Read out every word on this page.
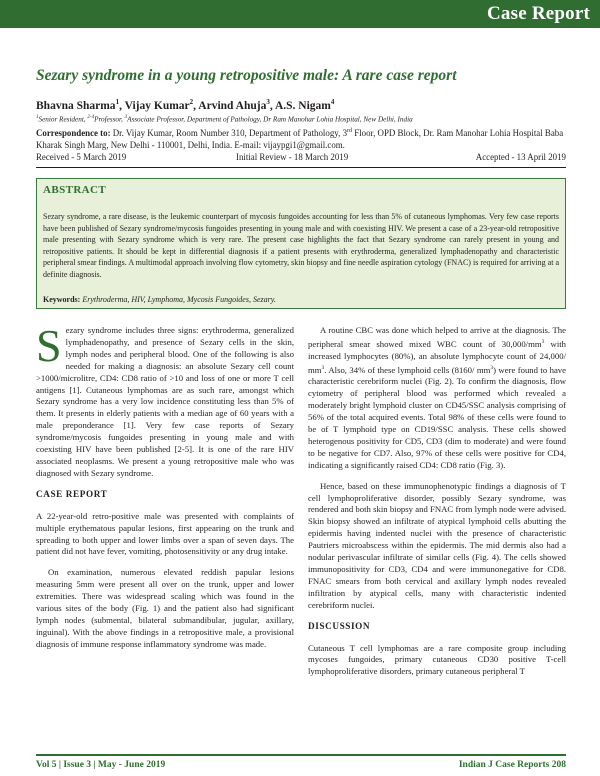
Case Report
Sezary syndrome in a young retropositive male: A rare case report
Bhavna Sharma$^1$, Vijay Kumar$^2$, Arvind Ahuja$^3$, A.S. Nigam$^4$
$^1$Senior Resident, $^{2-4}$Professor, $^3$Associate Professor, Department of Pathology, Dr Ram Manohar Lohia Hospital, New Delhi, India
Correspondence to: Dr. Vijay Kumar, Room Number 310, Department of Pathology, 3rd Floor, OPD Block, Dr. Ram Manohar Lohia Hospital Baba Kharak Singh Marg, New Delhi - 110001, Delhi, India. E-mail: vijaypgi1@gmail.com.
Received - 5 March 2019	Initial Review - 18 March 2019	Accepted - 13 April 2019
ABSTRACT
Sezary syndrome, a rare disease, is the leukemic counterpart of mycosis fungoides accounting for less than 5% of cutaneous lymphomas. Very few case reports have been published of Sezary syndrome/mycosis fungoides presenting in young male and with coexisting HIV. We present a case of a 23-year-old retropositive male presenting with Sezary syndrome which is very rare. The present case highlights the fact that Sezary syndrome can rarely present in young and retropositive patients. It should be kept in differential diagnosis if a patient presents with erythroderma, generalized lymphadenopathy and characteristic peripheral smear findings. A multimodal approach involving flow cytometry, skin biopsy and fine needle aspiration cytology (FNAC) is required for arriving at a definite diagnosis.
Keywords: Erythroderma, HIV, Lymphoma, Mycosis Fungoides, Sezary.

Sezary syndrome includes three signs: erythroderma, generalized lymphadenopathy, and presence of Sezary cells in the skin, lymph nodes and peripheral blood. One of the following is also needed for making a diagnosis: an absolute Sezary cell count >1000/microlitre, CD4: CD8 ratio of >10 and loss of one or more T cell antigens [1]. Cutaneous lymphomas are as such rare, amongst which Sezary syndrome has a very low incidence constituting less than 5% of them. It presents in elderly patients with a median age of 60 years with a male preponderance [1]. Very few case reports of Sezary syndrome/mycosis fungoides presenting in young male and with coexisting HIV have been published [2-5]. It is one of the rare HIV associated neoplasms. We present a young retropositive male who was diagnosed with Sezary syndrome.

CASE REPORT

A 22-year-old retro-positive male was presented with complaints of multiple erythematous papular lesions, first appearing on the trunk and spreading to both upper and lower limbs over a span of seven days. The patient did not have fever, vomiting, photosensitivity or any drug intake.

On examination, numerous elevated reddish papular lesions measuring 5mm were present all over on the trunk, upper and lower extremities. There was widespread scaling which was found in the various sites of the body (Fig. 1) and the patient also had significant lymph nodes (submental, bilateral submandibular, jugular, axillary, inguinal). With the above findings in a retropositive male, a provisional diagnosis of immune response inflammatory syndrome was made.

A routine CBC was done which helped to arrive at the diagnosis. The peripheral smear showed mixed WBC count of $30,000/mm^3$ with increased lymphocytes (80%), an absolute lymphocyte count of 24,000/ $mm^3$. Also, 34% of these lymphoid cells (8160/ $mm^3$) were found to have characteristic cerebriform nuclei (Fig. 2). To confirm the diagnosis, flow cytometry of peripheral blood was performed which revealed a moderately bright lymphoid cluster on CD45/SSC analysis comprising of 56% of the total acquired events. Total 98% of these cells were found to be of T lymphoid type on CD19/SSC analysis. These cells showed heterogenous positivity for CD5, CD3 (dim to moderate) and were found to be negative for CD7. Also, 97% of these cells were positive for CD4, indicating a significantly raised CD4: CD8 ratio (Fig. 3).

Hence, based on these immunophenotypic findings a diagnosis of T cell lymphoproliferative disorder, possibly Sezary syndrome, was rendered and both skin biopsy and FNAC from lymph node were advised. Skin biopsy showed an infiltrate of atypical lymphoid cells abutting the epidermis having indented nuclei with the presence of characteristic Pautriers microabscess within the epidermis. The mid dermis also had a nodular perivascular infiltrate of similar cells (Fig. 4). The cells showed immunopositivity for CD3, CD4 and were immunonegative for CD8. FNAC smears from both cervical and axillary lymph nodes revealed infiltration by atypical cells, many with characteristic indented cerebriform nuclei.

DISCUSSION

Cutaneous T cell lymphomas are a rare composite group including mycoses fungoides, primary cutaneous CD30 positive T-cell lymphoproliferative disorders, primary cutaneous peripheral T

Vol 5 | Issue 3 | May - June 2019	Indian J Case Reports 208
